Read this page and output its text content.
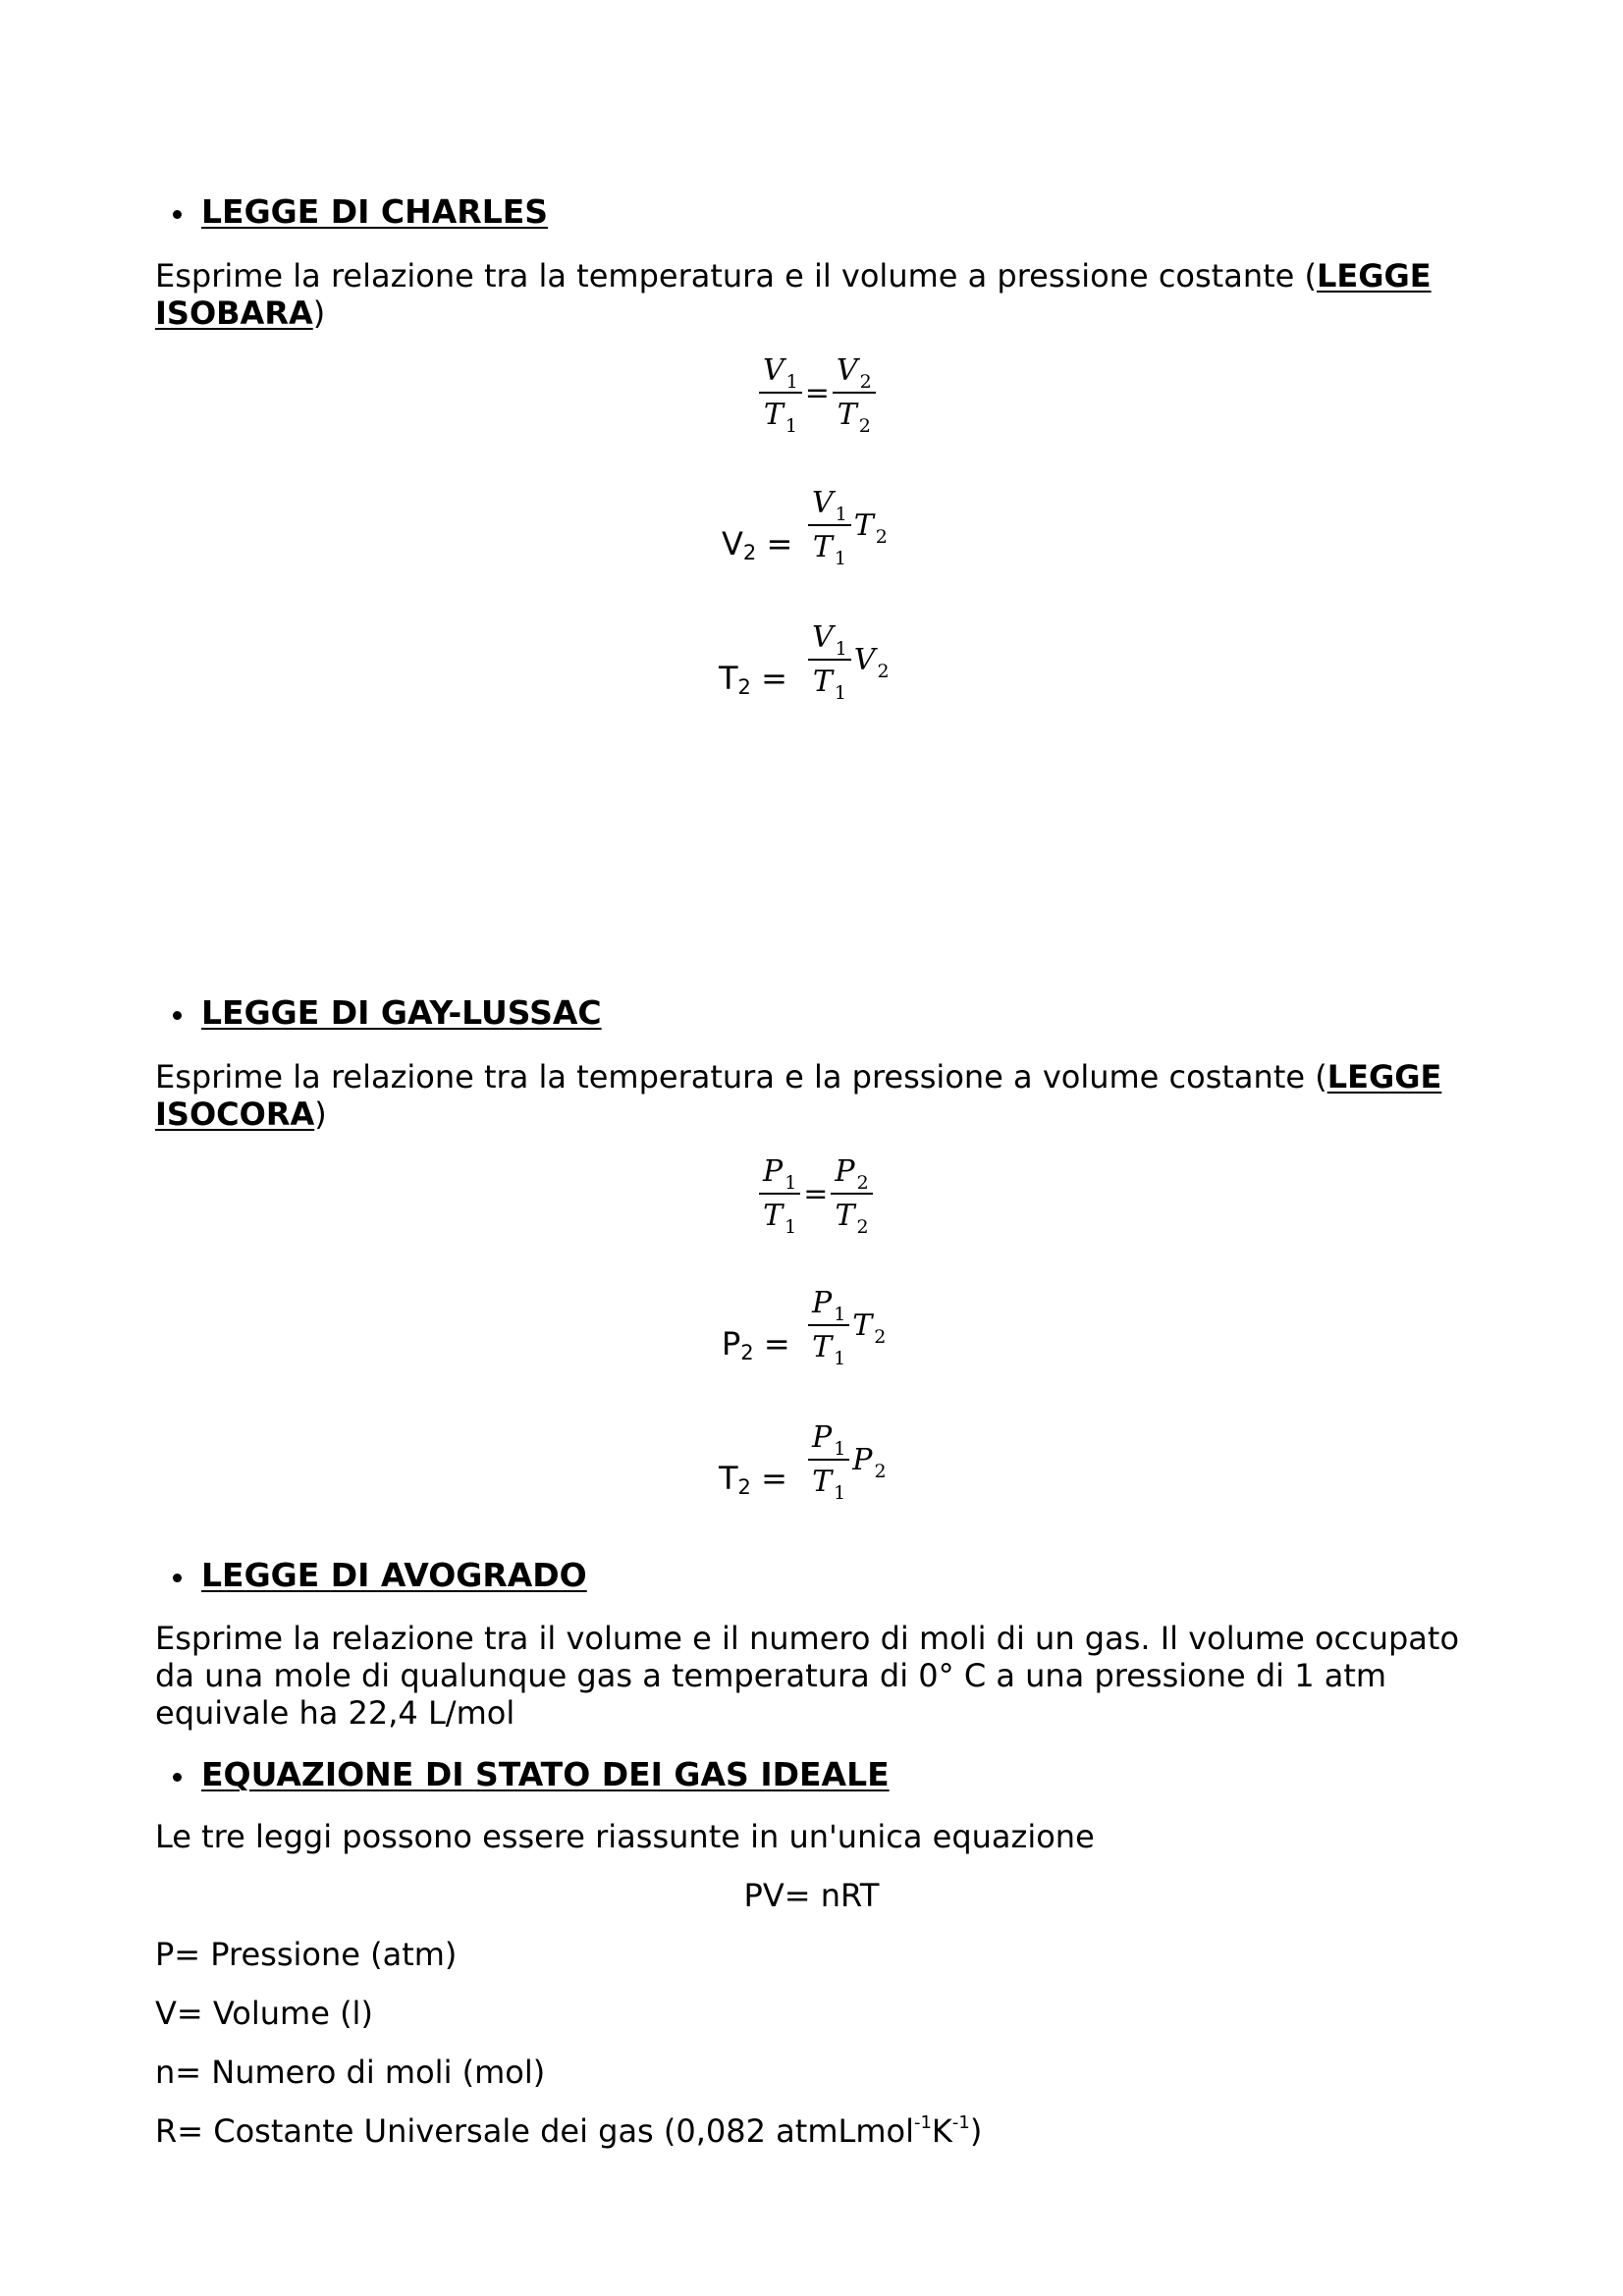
LEGGE DI CHARLES
Esprime la relazione tra la temperatura e il volume a pressione costante (LEGGE ISOBARA)
$\frac{V _1}{T _1} = \frac{V _2}{T _2}$
$V2 = \frac{V _1}{T _1}$ T $_2$
$T2 = \frac{V _1}{T _1}$ V $_2$
LEGGE DI GAY-LUSSAC
Esprime la relazione tra la temperatura e la pressione a volume costante (LEGGE ISOCORA)
$\frac{P _1}{T _1} = \frac{P _2}{T _2}$
$P2 = \frac{P _1}{T _1}$ T $_2$
$T2 = \frac{P _1}{T _1}$ P $_2$
LEGGE DI AVOGRADO
Esprime la relazione tra il volume e il numero di moli di un gas. Il volume occupato da una mole di qualunque gas a temperatura di 0° C a una pressione di 1 atm equivale ha 22,4 L/mol
EQUAZIONE DI STATO DEI GAS IDEALE
Le tre leggi possono essere riassunte in un'unica equazione
PV= nRT
P= Pressione (atm)
V= Volume (l)
n= Numero di moli (mol)
R= Costante Universale dei gas (0,082 $atmLmol^{-1}K^{-1}$)
